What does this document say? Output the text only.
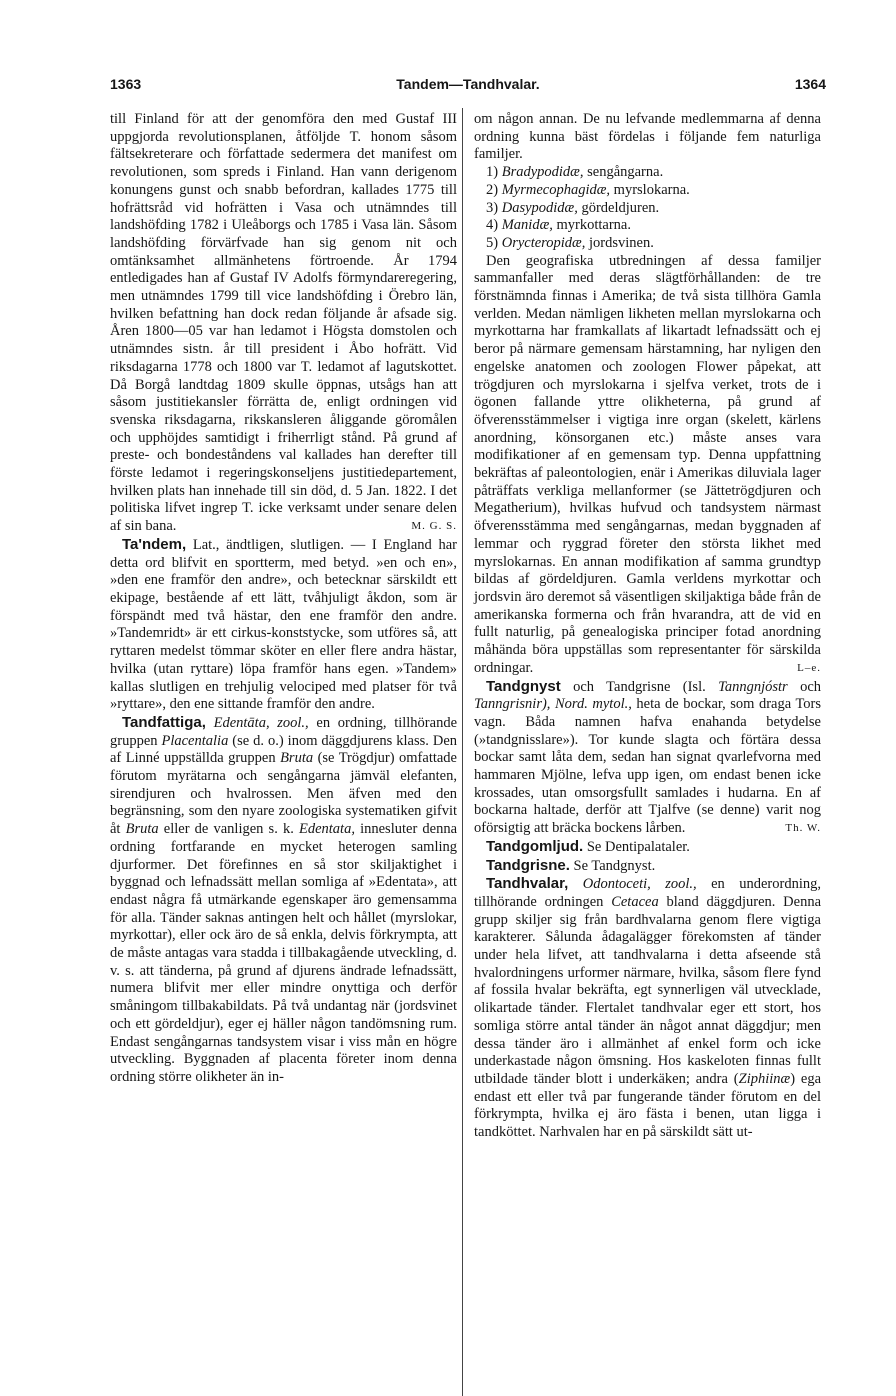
1363	Tandem—Tandhvalar.	1364

till Finland för att der genomföra den med Gustaf III uppgjorda revolutionsplanen, åtföljde T. honom såsom fältsekreterare och författade sedermera det manifest om revolutionen, som spreds i Finland. Han vann derigenom konungens gunst och snabb befordran, kallades 1775 till hofrättsråd vid hofrätten i Vasa och utnämndes till landshöfding 1782 i Uleåborgs och 1785 i Vasa län. Såsom landshöfding förvärfvade han sig genom nit och omtänksamhet allmänhetens förtroende. År 1794 entledigades han af Gustaf IV Adolfs förmyndareregering, men utnämndes 1799 till vice landshöfding i Örebro län, hvilken befattning han dock redan följande år afsade sig. Åren 1800—05 var han ledamot i Högsta domstolen och utnämndes sistn. år till president i Åbo hofrätt. Vid riksdagarna 1778 och 1800 var T. ledamot af lagutskottet. Då Borgå landtdag 1809 skulle öppnas, utsågs han att såsom justitiekansler förrätta de, enligt ordningen vid svenska riksdagarna, rikskansleren åliggande göromålen och upphöjdes samtidigt i friherrligt stånd. På grund af preste- och bondeståndens val kallades han derefter till förste ledamot i regeringskonseljens justitiedepartement, hvilken plats han innehade till sin död, d. 5 Jan. 1822. I det politiska lifvet ingrep T. icke verksamt under senare delen af sin bana.	M. G. S.

Ta'ndem, Lat., ändtligen, slutligen. — I England har detta ord blifvit en sportterm, med betyd. »en och en», »den ene framför den andre», och betecknar särskildt ett ekipage, bestående af ett lätt, tvåhjuligt åkdon, som är förspändt med två hästar, den ene framför den andre. »Tandemridt» är ett cirkus-konststycke, som utföres så, att ryttaren medelst tömmar sköter en eller flere andra hästar, hvilka (utan ryttare) löpa framför hans egen. »Tandem» kallas slutligen en trehjulig velociped med platser för två »ryttare», den ene sittande framför den andre.

Tandfattiga, Edentāta, zool., en ordning, tillhörande gruppen Placentalia (se d. o.) inom däggdjurens klass. Den af Linné uppställda gruppen Bruta (se Trögdjur) omfattade förutom myrätarna och sengångarna jämväl elefanten, sirendjuren och hvalrossen. Men äfven med den begränsning, som den nyare zoologiska systematiken gifvit åt Bruta eller de vanligen s. k. Edentata, innesluter denna ordning fortfarande en mycket heterogen samling djurformer. Det förefinnes en så stor skiljaktighet i byggnad och lefnadssätt mellan somliga af »Edentata», att endast några få utmärkande egenskaper äro gemensamma för alla. Tänder saknas antingen helt och hållet (myrslokar, myrkottar), eller ock äro de så enkla, delvis förkrympta, att de måste antagas vara stadda i tillbakagående utveckling, d. v. s. att tänderna, på grund af djurens ändrade lefnadssätt, numera blifvit mer eller mindre onyttiga och derför småningom tillbakabildats. På två undantag när (jordsvinet och ett gördeldjur), eger ej häller någon tandömsning rum. Endast sengångarnas tandsystem visar i viss mån en högre utveckling. Byggnaden af placenta företer inom denna ordning större olikheter än in-

om någon annan. De nu lefvande medlemmarna af denna ordning kunna bäst fördelas i följande fem naturliga familjer.

1) Bradypodidæ, sengångarna.

2) Myrmecophagidæ, myrslokarna.

3) Dasypodidæ, gördeldjuren.

4) Manidæ, myrkottarna.

5) Orycteropidæ, jordsvinen.

Den geografiska utbredningen af dessa familjer sammanfaller med deras slägtförhållanden: de tre förstnämnda finnas i Amerika; de två sista tillhöra Gamla verlden. Medan nämligen likheten mellan myrslokarna och myrkottarna har framkallats af likartadt lefnadssätt och ej beror på närmare gemensam härstamning, har nyligen den engelske anatomen och zoologen Flower påpekat, att trögdjuren och myrslokarna i sjelfva verket, trots de i ögonen fallande yttre olikheterna, på grund af öfverensstämmelser i vigtiga inre organ (skelett, kärlens anordning, könsorganen etc.) måste anses vara modifikationer af en gemensam typ. Denna uppfattning bekräftas af paleontologien, enär i Amerikas diluviala lager påträffats verkliga mellanformer (se Jättetrögdjuren och Megatherium), hvilkas hufvud och tandsystem närmast öfverensstämma med sengångarnas, medan byggnaden af lemmar och ryggrad företer den största likhet med myrslokarnas. En annan modifikation af samma grundtyp bildas af gördeldjuren. Gamla verldens myrkottar och jordsvin äro deremot så väsentligen skiljaktiga både från de amerikanska formerna och från hvarandra, att de vid en fullt naturlig, på genealogiska principer fotad anordning måhända böra uppställas som representanter för särskilda ordningar.	L–e.

Tandgnyst och Tandgrisne (Isl. Tanngnjóstr och Tanngrisnir), Nord. mytol., heta de bockar, som draga Tors vagn. Båda namnen hafva enahanda betydelse (»tandgnisslare»). Tor kunde slagta och förtära dessa bockar samt låta dem, sedan han signat qvarlefvorna med hammaren Mjölne, lefva upp igen, om endast benen icke krossades, utan omsorgsfullt samlades i hudarna. En af bockarna haltade, derför att Tjalfve (se denne) varit nog oförsigtig att bräcka bockens lårben.	Th. W.

Tandgomljud. Se Dentipalataler.

Tandgrisne. Se Tandgnyst.

Tandhvalar, Odontoceti, zool., en underordning, tillhörande ordningen Cetacea bland däggdjuren. Denna grupp skiljer sig från bardhvalarna genom flere vigtiga karakterer. Sålunda ådagalägger förekomsten af tänder under hela lifvet, att tandhvalarna i detta afseende stå hvalordningens urformer närmare, hvilka, såsom flere fynd af fossila hvalar bekräfta, egt synnerligen väl utvecklade, olikartade tänder. Flertalet tandhvalar eger ett stort, hos somliga större antal tänder än något annat däggdjur; men dessa tänder äro i allmänhet af enkel form och icke underkastade någon ömsning. Hos kaskeloten finnas fullt utbildade tänder blott i underkäken; andra (Ziphiinæ) ega endast ett eller två par fungerande tänder förutom en del förkrympta, hvilka ej äro fästa i benen, utan ligga i tandköttet. Narhvalen har en på särskildt sätt ut-
